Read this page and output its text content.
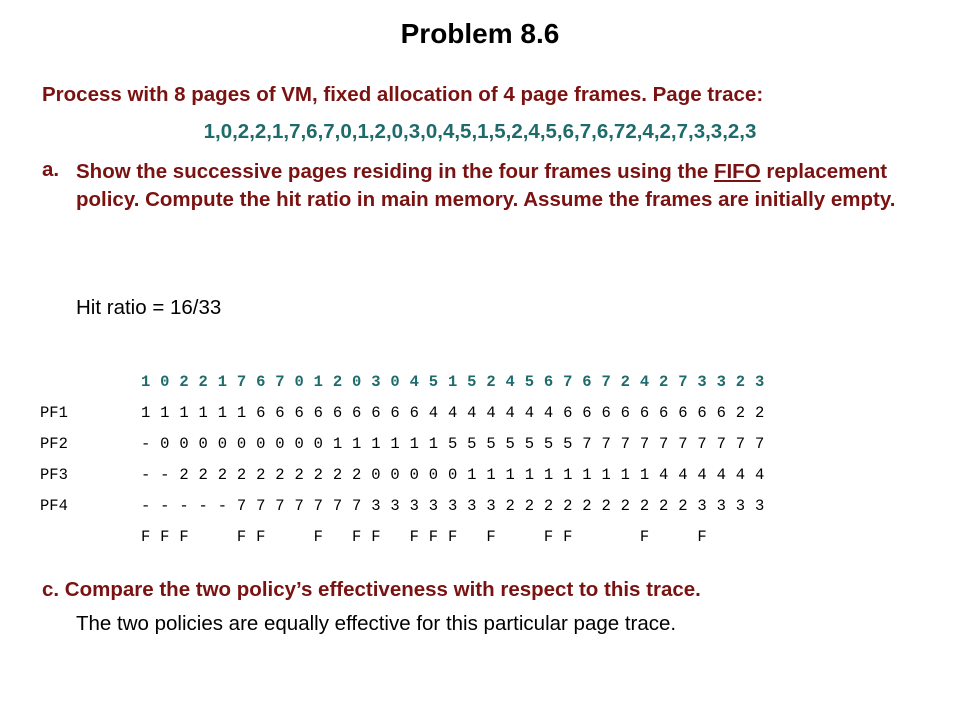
Problem 8.6
Process with 8 pages of VM, fixed allocation of 4 page frames. Page trace:
1,0,2,2,1,7,6,7,0,1,2,0,3,0,4,5,1,5,2,4,5,6,7,6,72,4,2,7,3,3,2,3
a. Show the successive pages residing in the four frames using the FIFO replacement policy. Compute the hit ratio in main memory. Assume the frames are initially empty.
Hit ratio = 16/33
	1	0	2	2	1	7	6	7	0	1	2	0	3	0	4	5	1	5	2	4	5	6	7	6	7	2	4	2	7	3	3	2	3
PF1	1	1	1	1	1	1	6	6	6	6	6	6	6	6	6	4	4	4	4	4	4	4	6	6	6	6	6	6	6	6	6	2	2
PF2	-	0	0	0	0	0	0	0	0	0	1	1	1	1	1	1	5	5	5	5	5	5	5	7	7	7	7	7	7	7	7	7	7
PF3	-	-	2	2	2	2	2	2	2	2	2	2	0	0	0	0	0	1	1	1	1	1	1	1	1	1	1	4	4	4	4	4	4
PF4	-	-	-	-	-	7	7	7	7	7	7	7	3	3	3	3	3	3	3	2	2	2	2	2	2	2	2	2	2	3	3	3	3
	F	F	F			F	F			F		F	F		F	F	F		F			F	F				F			F			
c. Compare the two policy’s effectiveness with respect to this trace.
The two policies are equally effective for this particular page trace.
